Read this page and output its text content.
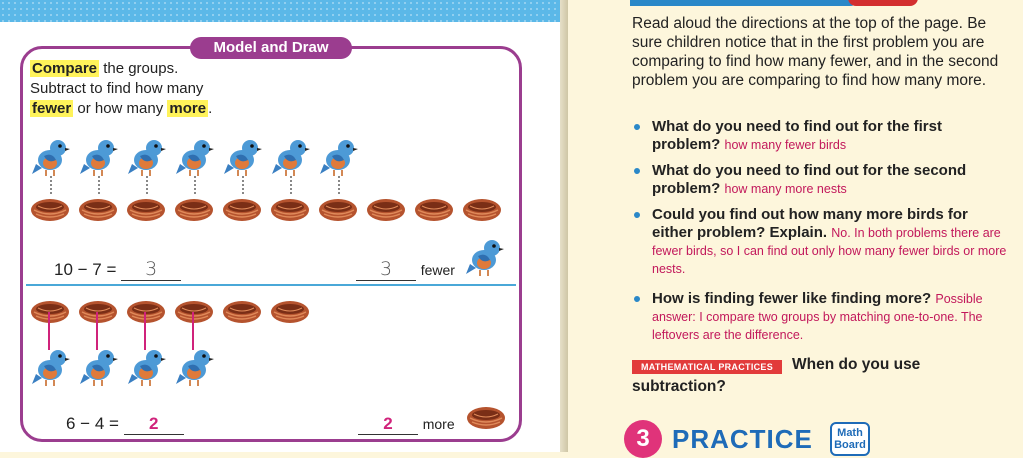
Model and Draw
Compare the groups.
Subtract to find how many
fewer or how many more .
10 − 7 = 3	3 fewer
6 − 4 = 2	2 more
Read aloud the directions at the top of the page. Be sure children notice that in the first problem you are comparing to find how many fewer, and in the second problem you are comparing to find how many more.
What do you need to find out for the first problem? how many fewer birds
What do you need to find out for the second problem? how many more nests
Could you find out how many more birds for either problem? Explain. No. In both problems there are fewer birds, so I can find out only how many fewer birds or more nests.
How is finding fewer like finding more? Possible answer: I compare two groups by matching one-to-one. The leftovers are the difference.
MATHEMATICAL PRACTICES	When do you use
subtraction?
3 PRACTICE	Math
Board
